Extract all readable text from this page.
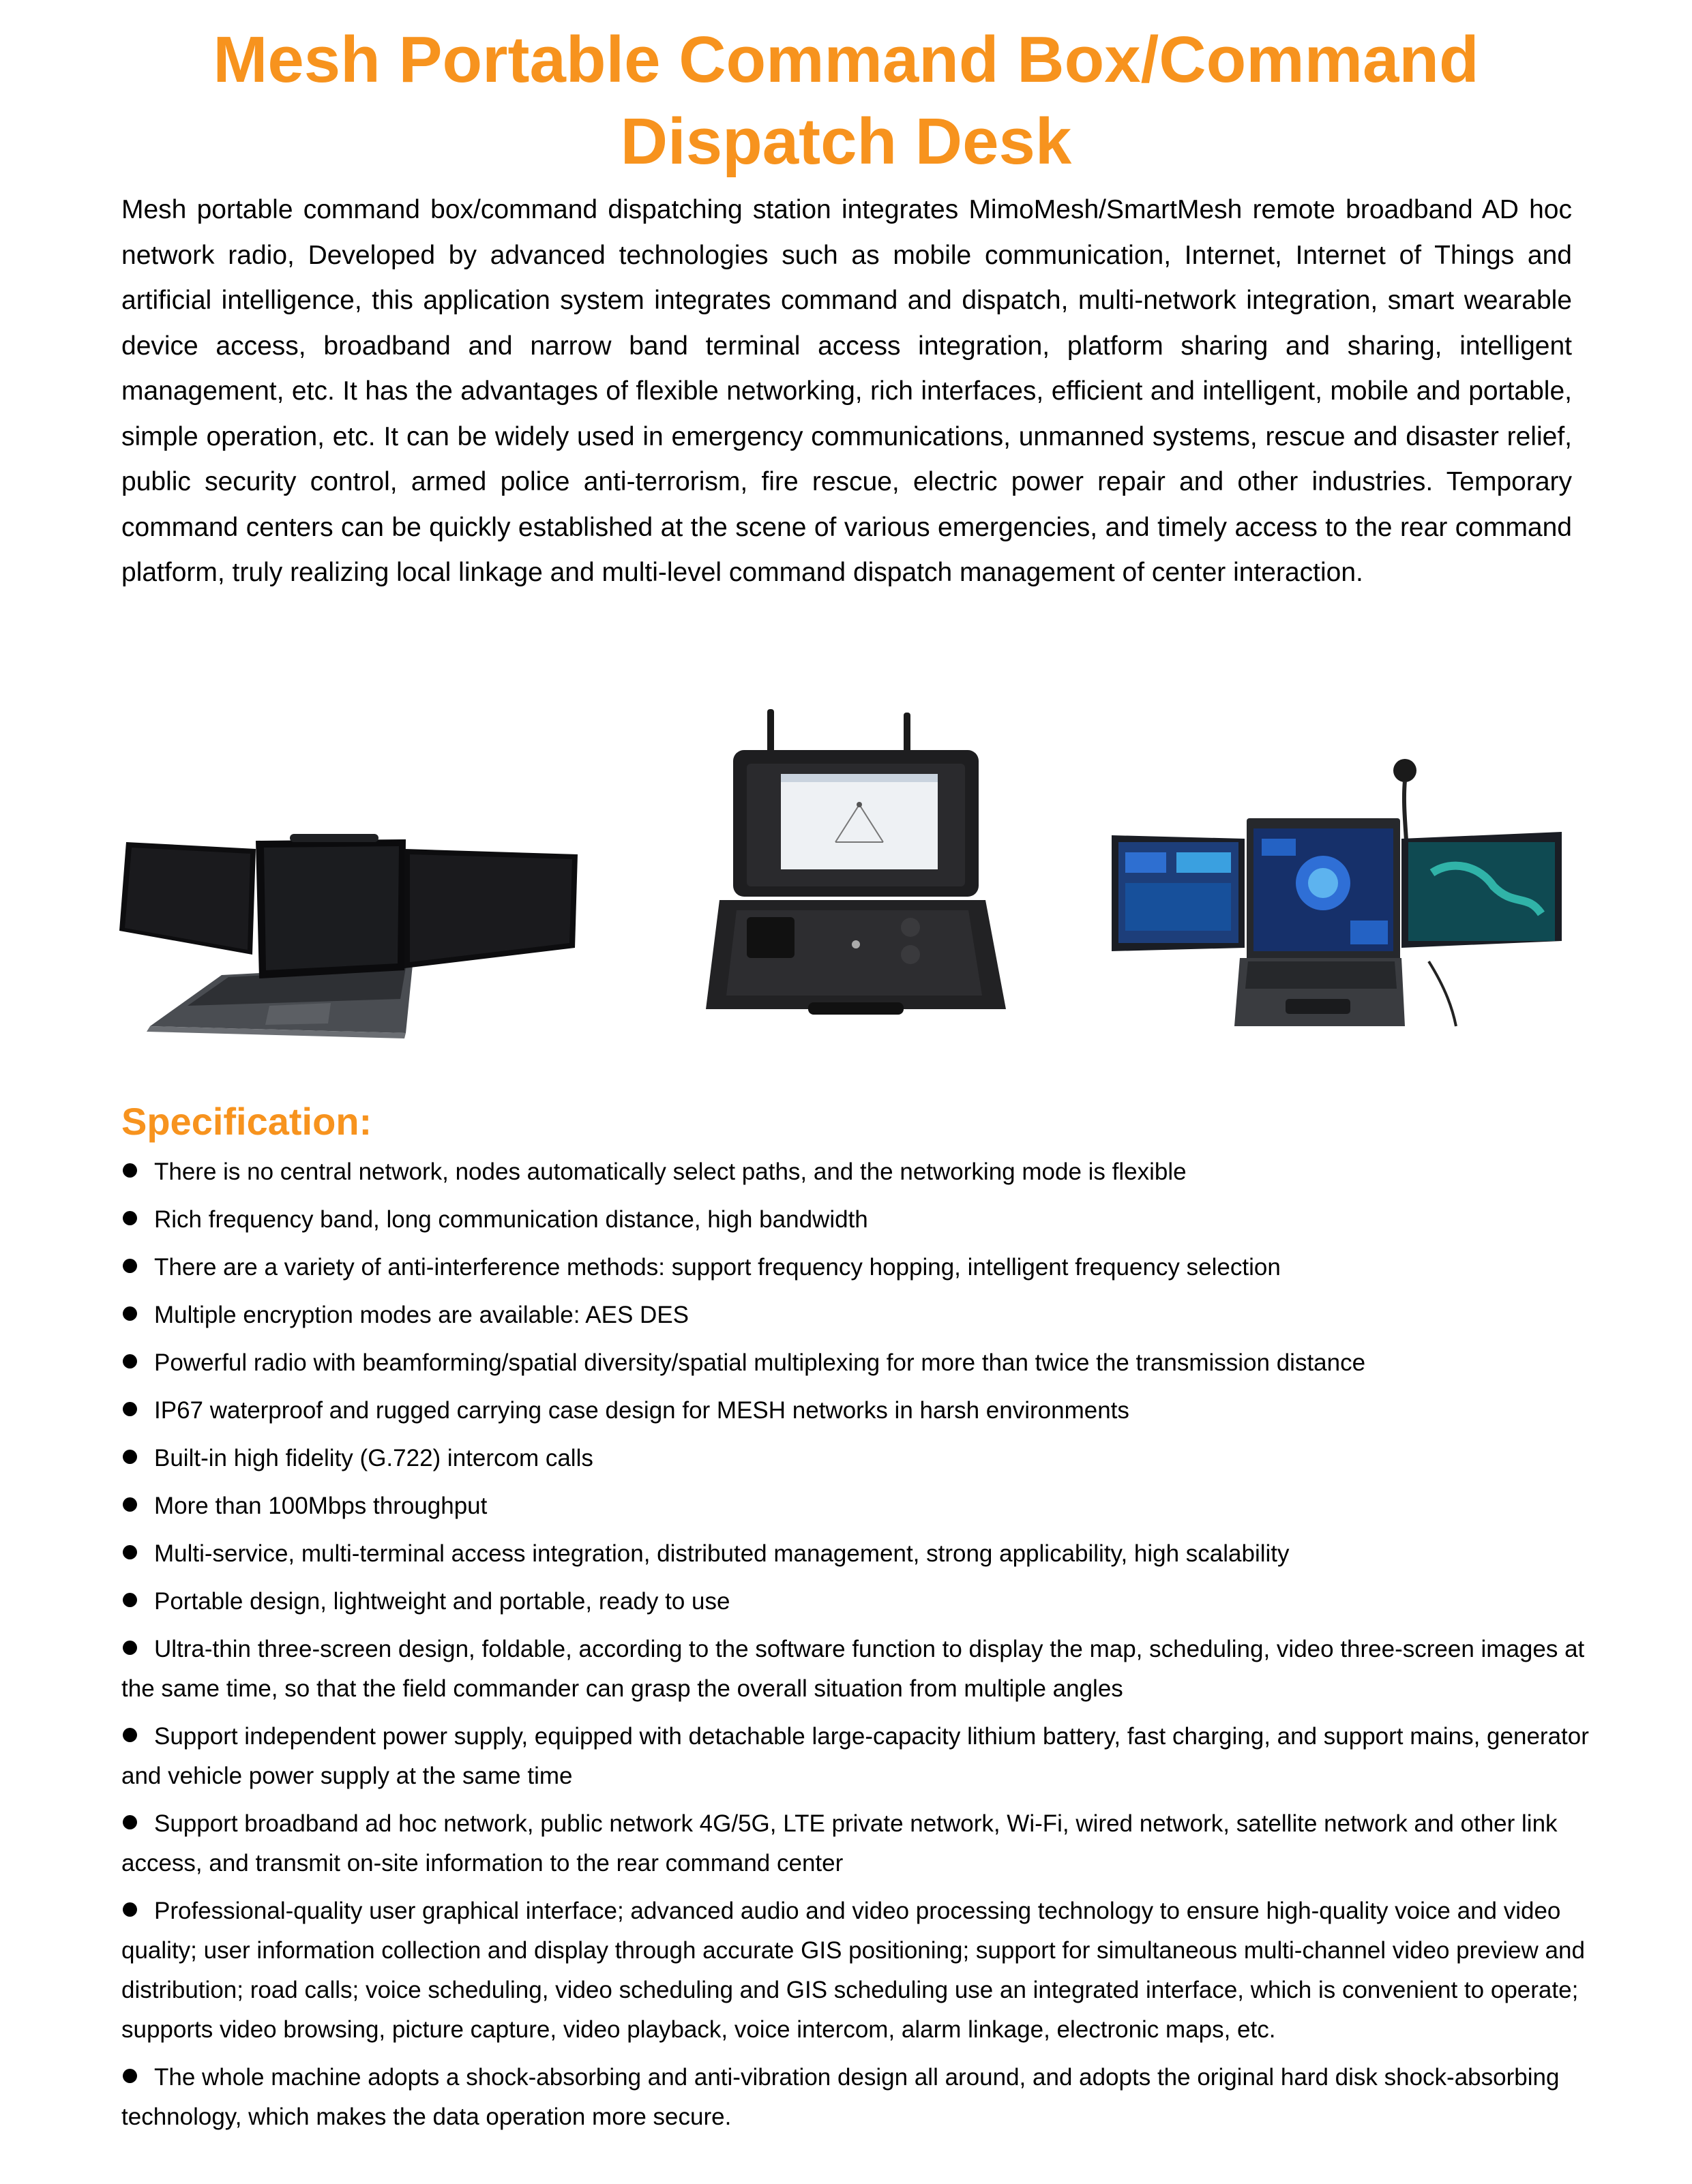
Mesh Portable Command Box/Command Dispatch Desk

Mesh portable command box/command dispatching station integrates MimoMesh/SmartMesh remote broadband AD hoc network radio, Developed by advanced technologies such as mobile communication, Internet, Internet of Things and artificial intelligence, this application system integrates command and dispatch, multi-network integration, smart wearable device access, broadband and narrow band terminal access integration, platform sharing and sharing, intelligent management, etc. It has the advantages of flexible networking, rich interfaces, efficient and intelligent, mobile and portable, simple operation, etc. It can be widely used in emergency communications, unmanned systems, rescue and disaster relief, public security control, armed police anti-terrorism, fire rescue, electric power repair and other industries. Temporary command centers can be quickly established at the scene of various emergencies, and timely access to the rear command platform, truly realizing local linkage and multi-level command dispatch management of center interaction.

Specification:
There is no central network, nodes automatically select paths, and the networking mode is flexible
Rich frequency band, long communication distance, high bandwidth
There are a variety of anti-interference methods: support frequency hopping, intelligent frequency selection
Multiple encryption modes are available: AES DES
Powerful radio with beamforming/spatial diversity/spatial multiplexing for more than twice the transmission distance
IP67 waterproof and rugged carrying case design for MESH networks in harsh environments
Built-in high fidelity (G.722) intercom calls
More than 100Mbps throughput
Multi-service, multi-terminal access integration, distributed management, strong applicability, high scalability
Portable design, lightweight and portable, ready to use
Ultra-thin three-screen design, foldable, according to the software function to display the map, scheduling, video three-screen images at the same time, so that the field commander can grasp the overall situation from multiple angles
Support independent power supply, equipped with detachable large-capacity lithium battery, fast charging, and support mains, generator and vehicle power supply at the same time
Support broadband ad hoc network, public network 4G/5G, LTE private network, Wi-Fi, wired network, satellite network and other link access, and transmit on-site information to the rear command center
Professional-quality user graphical interface; advanced audio and video processing technology to ensure high-quality voice and video quality; user information collection and display through accurate GIS positioning; support for simultaneous multi-channel video preview and distribution; road calls; voice scheduling, video scheduling and GIS scheduling use an integrated interface, which is convenient to operate; supports video browsing, picture capture, video playback, voice intercom, alarm linkage, electronic maps, etc.
The whole machine adopts a shock-absorbing and anti-vibration design all around, and adopts the original hard disk shock-absorbing technology, which makes the data operation more secure.
